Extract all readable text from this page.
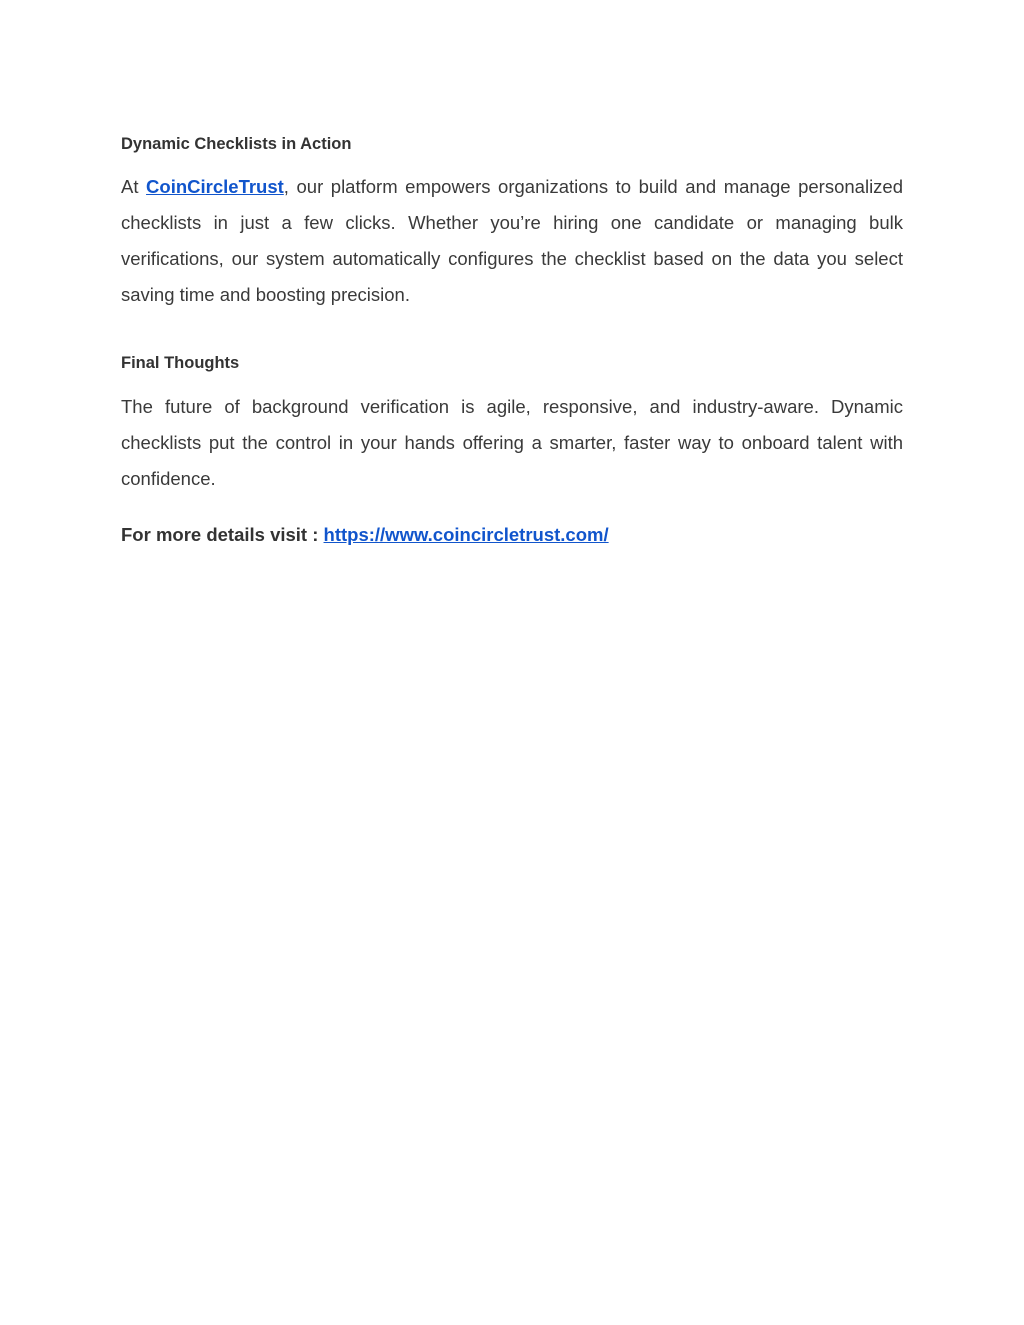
Dynamic Checklists in Action

At CoinCircleTrust, our platform empowers organizations to build and manage personalized checklists in just a few clicks. Whether you’re hiring one candidate or managing bulk verifications, our system automatically configures the checklist based on the data you select saving time and boosting precision.

Final Thoughts

The future of background verification is agile, responsive, and industry-aware. Dynamic checklists put the control in your hands offering a smarter, faster way to onboard talent with confidence.

For more details visit : https://www.coincircletrust.com/
